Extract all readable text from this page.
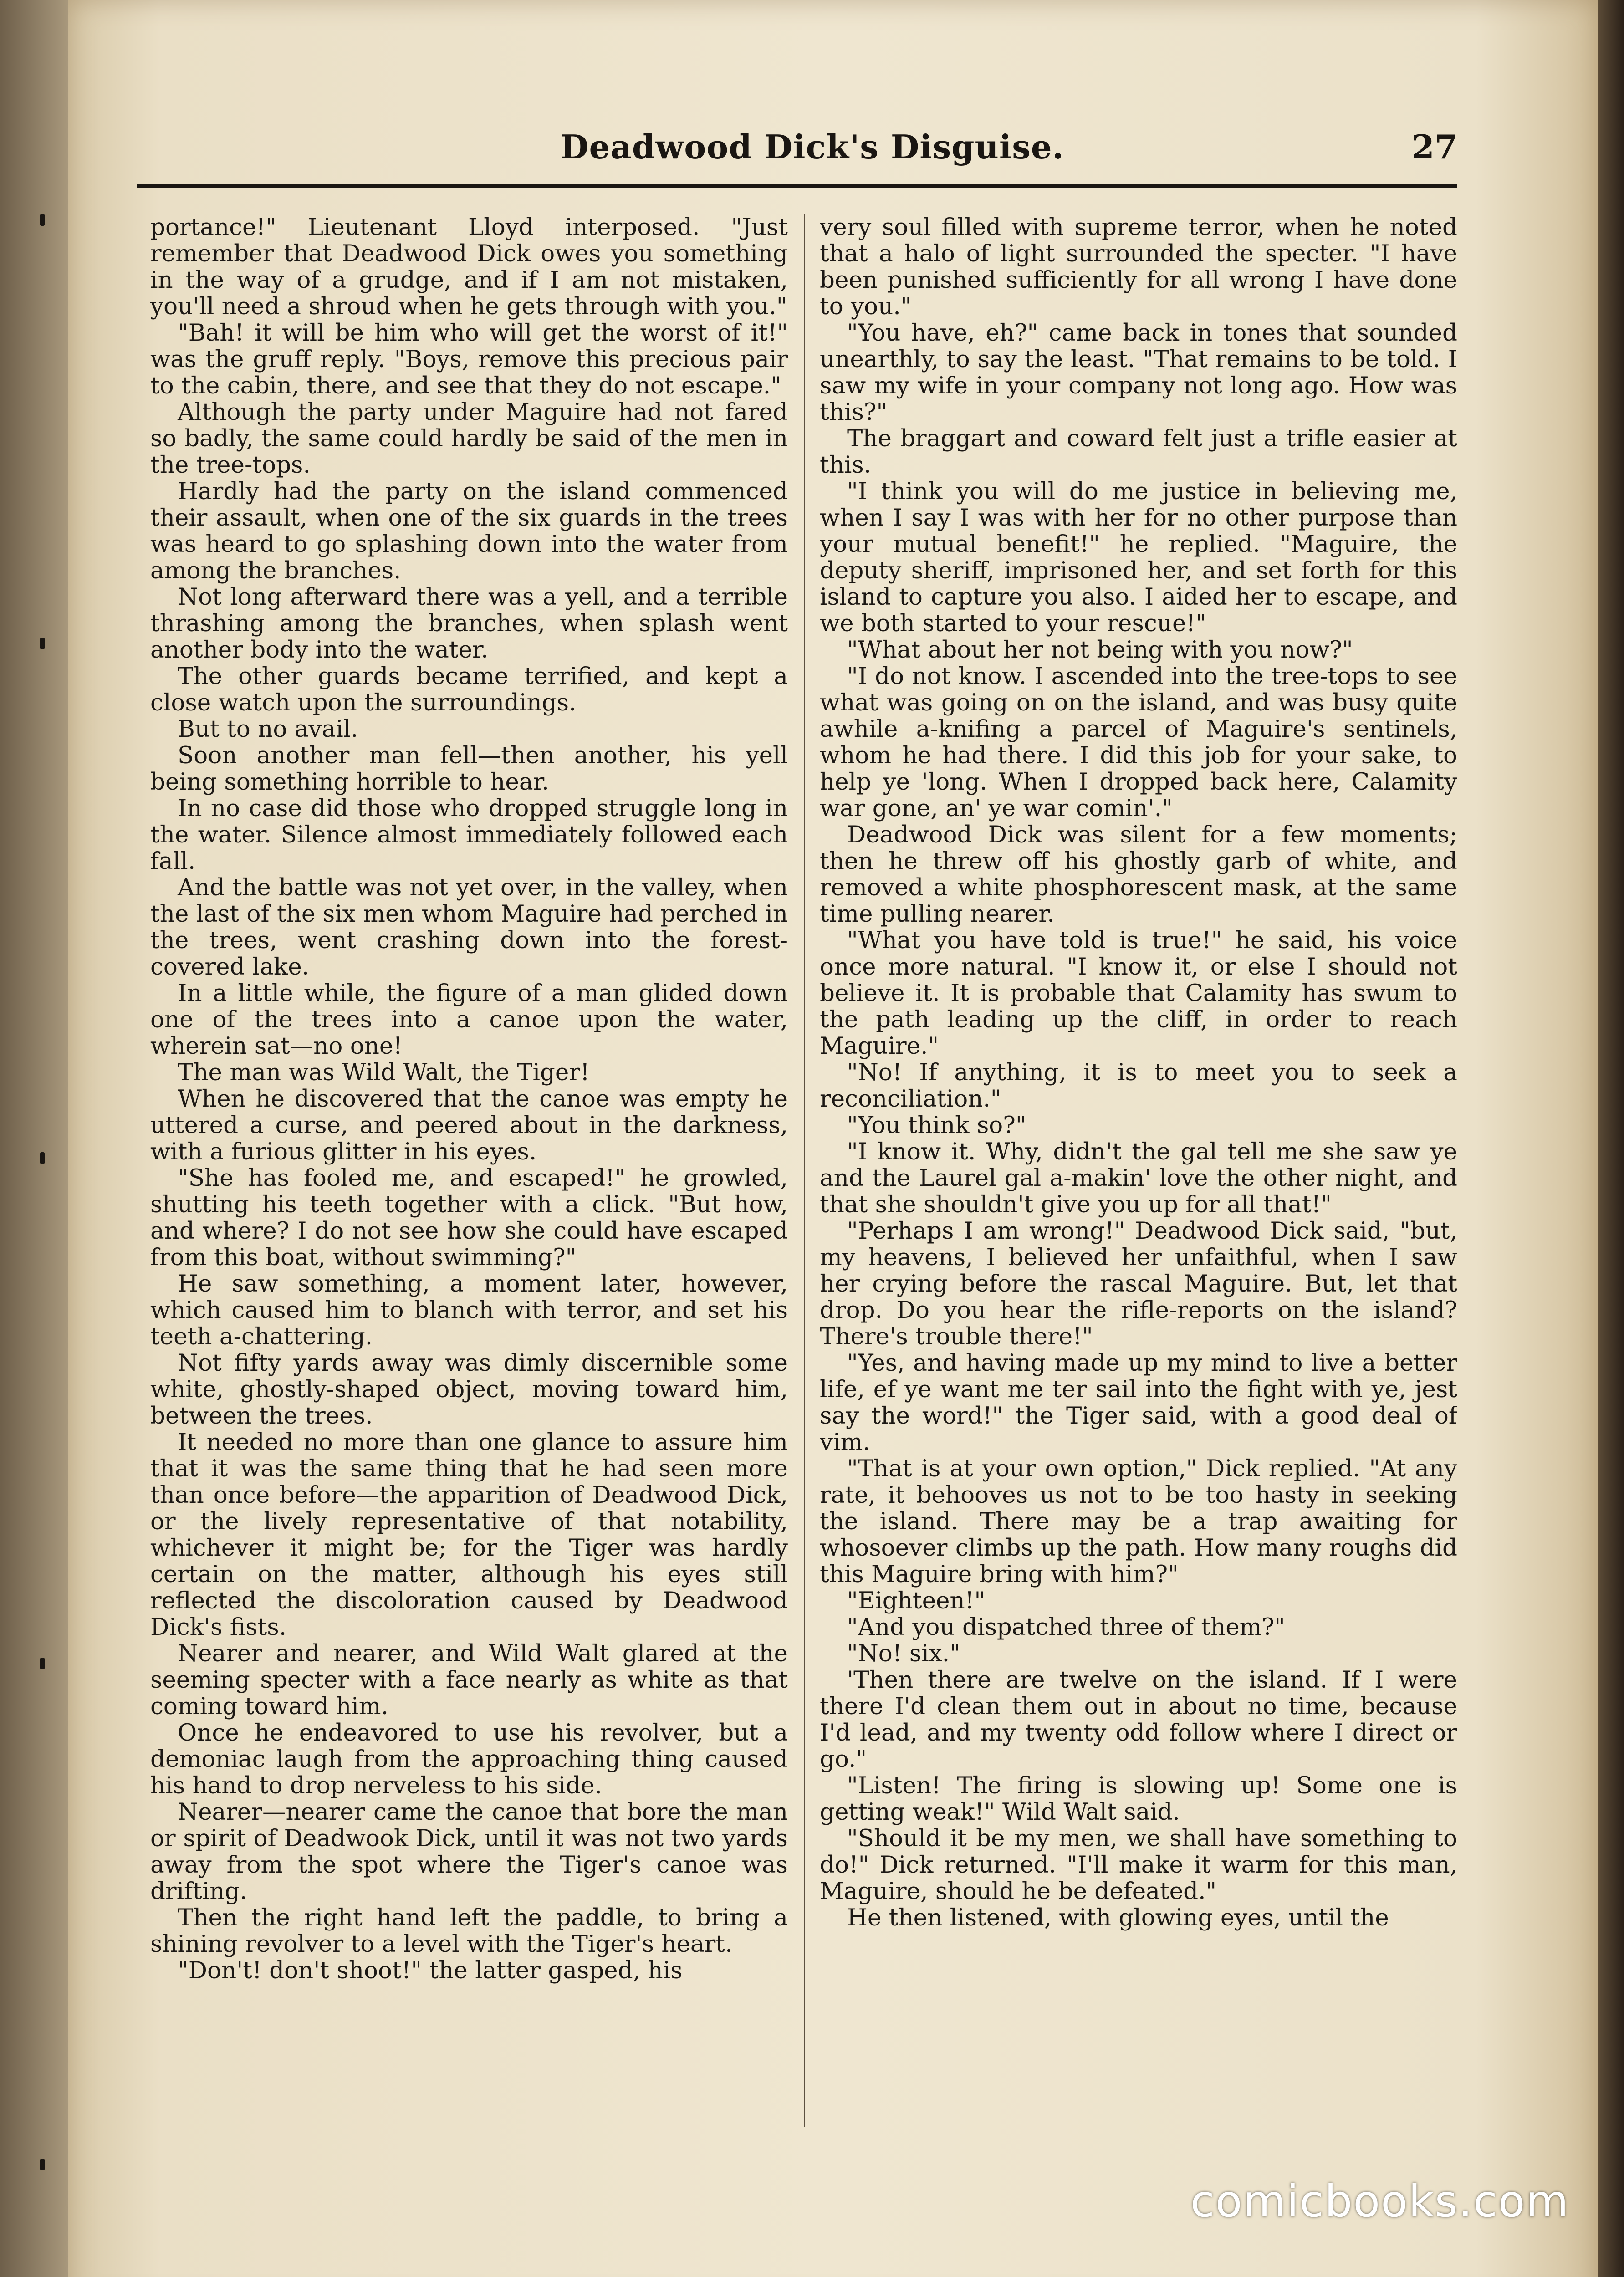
Deadwood Dick's Disguise.	27

portance!" Lieutenant Lloyd interposed. "Just remember that Deadwood Dick owes you something in the way of a grudge, and if I am not mistaken, you'll need a shroud when he gets through with you."

"Bah! it will be him who will get the worst of it!" was the gruff reply. "Boys, remove this precious pair to the cabin, there, and see that they do not escape."

Although the party under Maguire had not fared so badly, the same could hardly be said of the men in the tree-tops.

Hardly had the party on the island commenced their assault, when one of the six guards in the trees was heard to go splashing down into the water from among the branches.

Not long afterward there was a yell, and a terrible thrashing among the branches, when splash went another body into the water.

The other guards became terrified, and kept a close watch upon the surroundings.

But to no avail.

Soon another man fell—then another, his yell being something horrible to hear.

In no case did those who dropped struggle long in the water. Silence almost immediately followed each fall.

And the battle was not yet over, in the valley, when the last of the six men whom Maguire had perched in the trees, went crashing down into the forest-covered lake.

In a little while, the figure of a man glided down one of the trees into a canoe upon the water, wherein sat—no one!

The man was Wild Walt, the Tiger!

When he discovered that the canoe was empty he uttered a curse, and peered about in the darkness, with a furious glitter in his eyes.

"She has fooled me, and escaped!" he growled, shutting his teeth together with a click. "But how, and where? I do not see how she could have escaped from this boat, without swimming?"

He saw something, a moment later, however, which caused him to blanch with terror, and set his teeth a-chattering.

Not fifty yards away was dimly discernible some white, ghostly-shaped object, moving toward him, between the trees.

It needed no more than one glance to assure him that it was the same thing that he had seen more than once before—the apparition of Deadwood Dick, or the lively representative of that notability, whichever it might be; for the Tiger was hardly certain on the matter, although his eyes still reflected the discoloration caused by Deadwood Dick's fists.

Nearer and nearer, and Wild Walt glared at the seeming specter with a face nearly as white as that coming toward him.

Once he endeavored to use his revolver, but a demoniac laugh from the approaching thing caused his hand to drop nerveless to his side.

Nearer—nearer came the canoe that bore the man or spirit of Deadwook Dick, until it was not two yards away from the spot where the Tiger's canoe was drifting.

Then the right hand left the paddle, to bring a shining revolver to a level with the Tiger's heart.

"Don't! don't shoot!" the latter gasped, his

very soul filled with supreme terror, when he noted that a halo of light surrounded the specter. "I have been punished sufficiently for all wrong I have done to you."

"You have, eh?" came back in tones that sounded unearthly, to say the least. "That remains to be told. I saw my wife in your company not long ago. How was this?"

The braggart and coward felt just a trifle easier at this.

"I think you will do me justice in believing me, when I say I was with her for no other purpose than your mutual benefit!" he replied. "Maguire, the deputy sheriff, imprisoned her, and set forth for this island to capture you also. I aided her to escape, and we both started to your rescue!"

"What about her not being with you now?"

"I do not know. I ascended into the tree-tops to see what was going on on the island, and was busy quite awhile a-knifing a parcel of Maguire's sentinels, whom he had there. I did this job for your sake, to help ye 'long. When I dropped back here, Calamity war gone, an' ye war comin'."

Deadwood Dick was silent for a few moments; then he threw off his ghostly garb of white, and removed a white phosphorescent mask, at the same time pulling nearer.

"What you have told is true!" he said, his voice once more natural. "I know it, or else I should not believe it. It is probable that Calamity has swum to the path leading up the cliff, in order to reach Maguire."

"No! If anything, it is to meet you to seek a reconciliation."

"You think so?"

"I know it. Why, didn't the gal tell me she saw ye and the Laurel gal a-makin' love the other night, and that she shouldn't give you up for all that!"

"Perhaps I am wrong!" Deadwood Dick said, "but, my heavens, I believed her unfaithful, when I saw her crying before the rascal Maguire. But, let that drop. Do you hear the rifle-reports on the island? There's trouble there!"

"Yes, and having made up my mind to live a better life, ef ye want me ter sail into the fight with ye, jest say the word!" the Tiger said, with a good deal of vim.

"That is at your own option," Dick replied. "At any rate, it behooves us not to be too hasty in seeking the island. There may be a trap awaiting for whosoever climbs up the path. How many roughs did this Maguire bring with him?"

"Eighteen!"

"And you dispatched three of them?"

"No! six."

'Then there are twelve on the island. If I were there I'd clean them out in about no time, because I'd lead, and my twenty odd follow where I direct or go."

"Listen! The firing is slowing up! Some one is getting weak!" Wild Walt said.

"Should it be my men, we shall have something to do!" Dick returned. "I'll make it warm for this man, Maguire, should he be defeated."

He then listened, with glowing eyes, until the

comicbooks.com
